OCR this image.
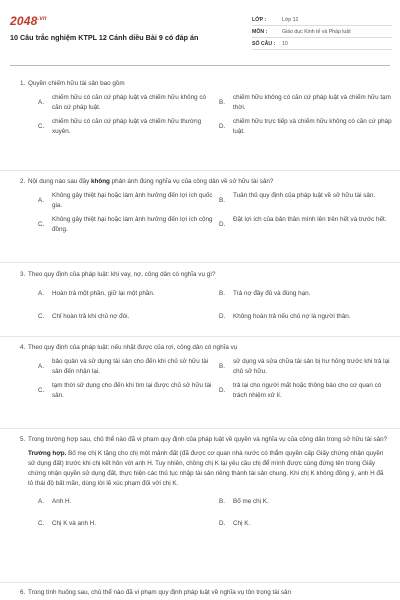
$2048^{.vn}$
10 Câu trắc nghiệm KTPL 12 Cánh diều Bài 9 có đáp án
LỚP :	Lớp 12
MÔN :	Giáo dục Kinh tế và Pháp luật
SỐ CÂU :	10
1. Quyền chiếm hữu tài sản bao gồm
A.
chiếm hữu có căn cứ pháp luật và chiếm hữu không có căn cứ pháp luật.
B.
chiếm hữu không có căn cứ pháp luật và chiếm hữu tạm thời.
C.
chiếm hữu có căn cứ pháp luật và chiếm hữu thường xuyên.
D.
chiếm hữu trực tiếp và chiếm hữu không có căn cứ pháp luật.
2. Nội dung nào sau đây không phản ánh đúng nghĩa vụ của công dân về sở hữu tài sản?
A.
Không gây thiệt hại hoặc làm ảnh hưởng đến lợi ích quốc gia.
B.
Tuân thủ quy định của pháp luật về sở hữu tài sản.
C.
Không gây thiệt hại hoặc làm ảnh hưởng đến lợi ích cộng đồng.
D.
Đặt lợi ích của bản thân mình lên trên hết và trước hết.
3. Theo quy định của pháp luật: khi vay, nợ, công dân có nghĩa vụ gì?
A. Hoàn trả một phần, giữ lại một phần.	B. Trả nợ đầy đủ và đúng hạn.
C. Chỉ hoàn trả khi chủ nợ đòi.	D. Không hoàn trả nếu chủ nợ là người thân.
4. Theo quy định của pháp luật: nếu nhặt được của rơi, công dân có nghĩa vụ
A.
bảo quản và sử dụng tài sản cho đến khi chủ sở hữu tài sản đến nhận lại.
B.
sử dụng và sửa chữa tài sản bị hư hỏng trước khi trả lại chủ sở hữu.
C.
tạm thời sử dụng cho đến khi tìm lại được chủ sở hữu tài sản.
D.
trả lại cho người mất hoặc thông báo cho cơ quan có trách nhiệm xử lí.
5. Trong trường hợp sau, chủ thể nào đã vi phạm quy định của pháp luật về quyền và nghĩa vụ của công dân trong sở hữu tài sản?
Trường hợp. Bố mẹ chị K tặng cho chị một mảnh đất (đã được cơ quan nhà nước có thẩm quyền cấp Giấy chứng nhận quyền sử dụng đất) trước khi chị kết hôn với anh H. Tuy nhiên, chồng chị K lại yêu cầu chị để mình được cùng đứng tên trong Giấy chứng nhận quyền sử dụng đất, thực hiện các thủ tục nhập tài sản riêng thành tài sản chung. Khi chị K không đồng ý, anh H đã tỏ thái độ bất mãn, dùng lời lẽ xúc phạm đối với chị K.
A. Anh H.	B. Bố mẹ chị K.
C. Chị K và anh H.	D. Chị K.
6. Trong tình huống sau, chủ thể nào đã vi phạm quy định pháp luật về nghĩa vụ tôn trọng tài sản
